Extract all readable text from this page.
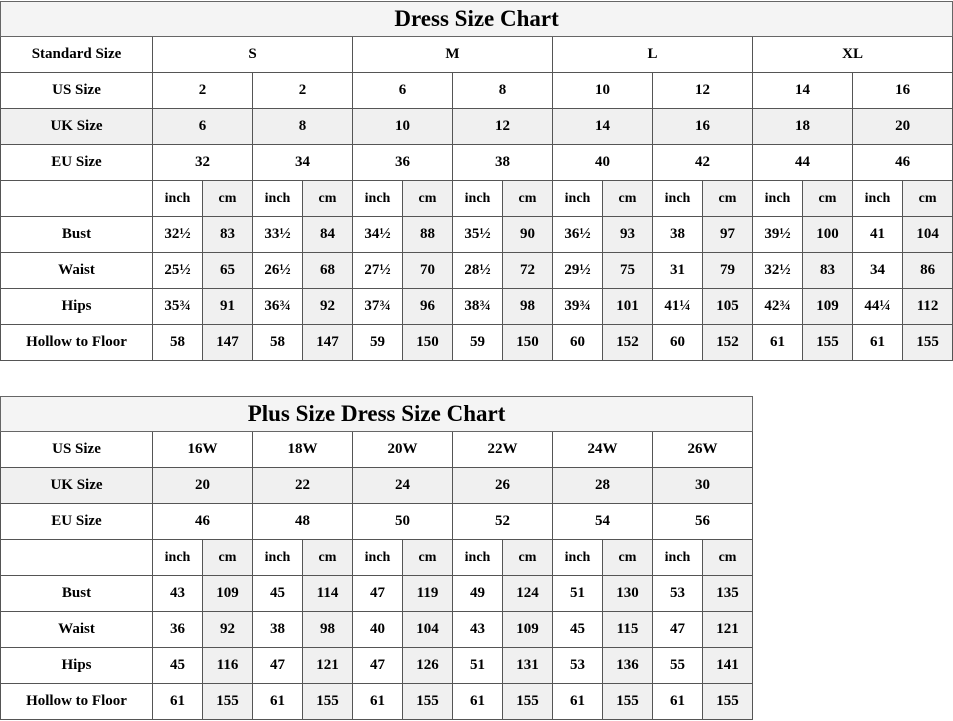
Dress Size Chart																
Standard Size	S				M				L				XL			
US Size	2		2		6		8		10		12		14		16	
UK Size	6		8		10		12		14		16		18		20	
EU Size	32		34		36		38		40		42		44		46	
	inch	cm	inch	cm	inch	cm	inch	cm	inch	cm	inch	cm	inch	cm	inch	cm
Bust	32½	83	33½	84	34½	88	35½	90	36½	93	38	97	39½	100	41	104
Waist	25½	65	26½	68	27½	70	28½	72	29½	75	31	79	32½	83	34	86
Hips	35¾	91	36¾	92	37¾	96	38¾	98	39¾	101	41¼	105	42¾	109	44¼	112
Hollow to Floor	58	147	58	147	59	150	59	150	60	152	60	152	61	155	61	155
Plus Size Dress Size Chart												
US Size	16W		18W		20W		22W		24W		26W	
UK Size	20		22		24		26		28		30	
EU Size	46		48		50		52		54		56	
	inch	cm	inch	cm	inch	cm	inch	cm	inch	cm	inch	cm
Bust	43	109	45	114	47	119	49	124	51	130	53	135
Waist	36	92	38	98	40	104	43	109	45	115	47	121
Hips	45	116	47	121	47	126	51	131	53	136	55	141
Hollow to Floor	61	155	61	155	61	155	61	155	61	155	61	155
